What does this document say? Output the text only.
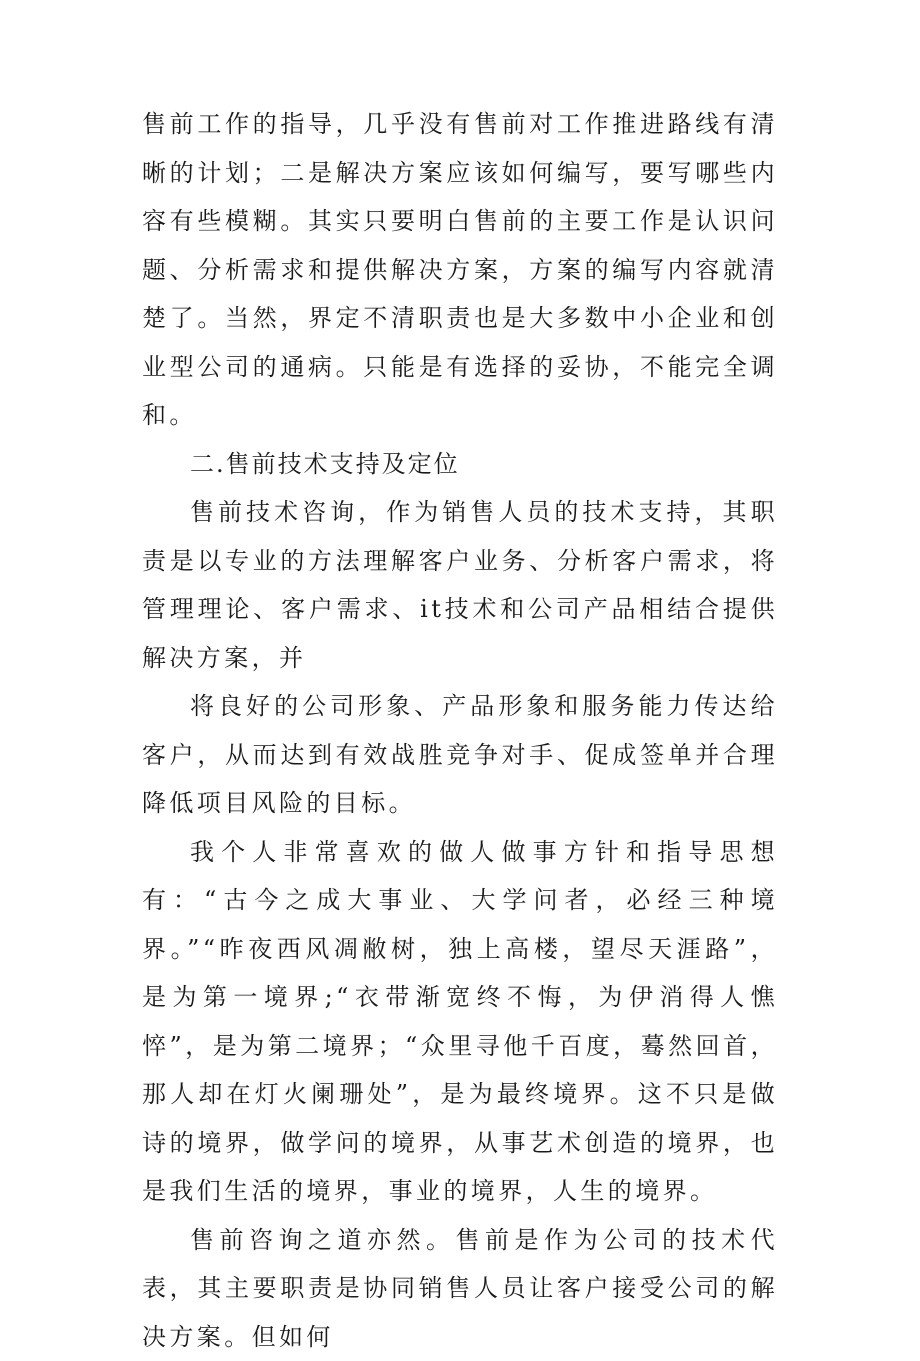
售前工作的指导，几乎没有售前对工作推进路线有清晰的计划；二是解决方案应该如何编写，要写哪些内容有些模糊。其实只要明白售前的主要工作是认识问题、分析需求和提供解决方案，方案的编写内容就清楚了。当然，界定不清职责也是大多数中小企业和创业型公司的通病。只能是有选择的妥协，不能完全调和。

二.售前技术支持及定位

售前技术咨询，作为销售人员的技术支持，其职责是以专业的方法理解客户业务、分析客户需求，将管理理论、客户需求、it技术和公司产品相结合提供解决方案，并

将良好的公司形象、产品形象和服务能力传达给客户，从而达到有效战胜竞争对手、促成签单并合理降低项目风险的目标。

我个人非常喜欢的做人做事方针和指导思想有：“古今之成大事业、大学问者，必经三种境界。”“昨夜西风凋敝树，独上高楼，望尽天涯路”，是为第一境界;“衣带渐宽终不悔，为伊消得人憔悴”，是为第二境界；“众里寻他千百度，蓦然回首，那人却在灯火阑珊处”，是为最终境界。这不只是做诗的境界，做学问的境界，从事艺术创造的境界，也是我们生活的境界，事业的境界，人生的境界。

售前咨询之道亦然。售前是作为公司的技术代表，其主要职责是协同销售人员让客户接受公司的解决方案。但如何
